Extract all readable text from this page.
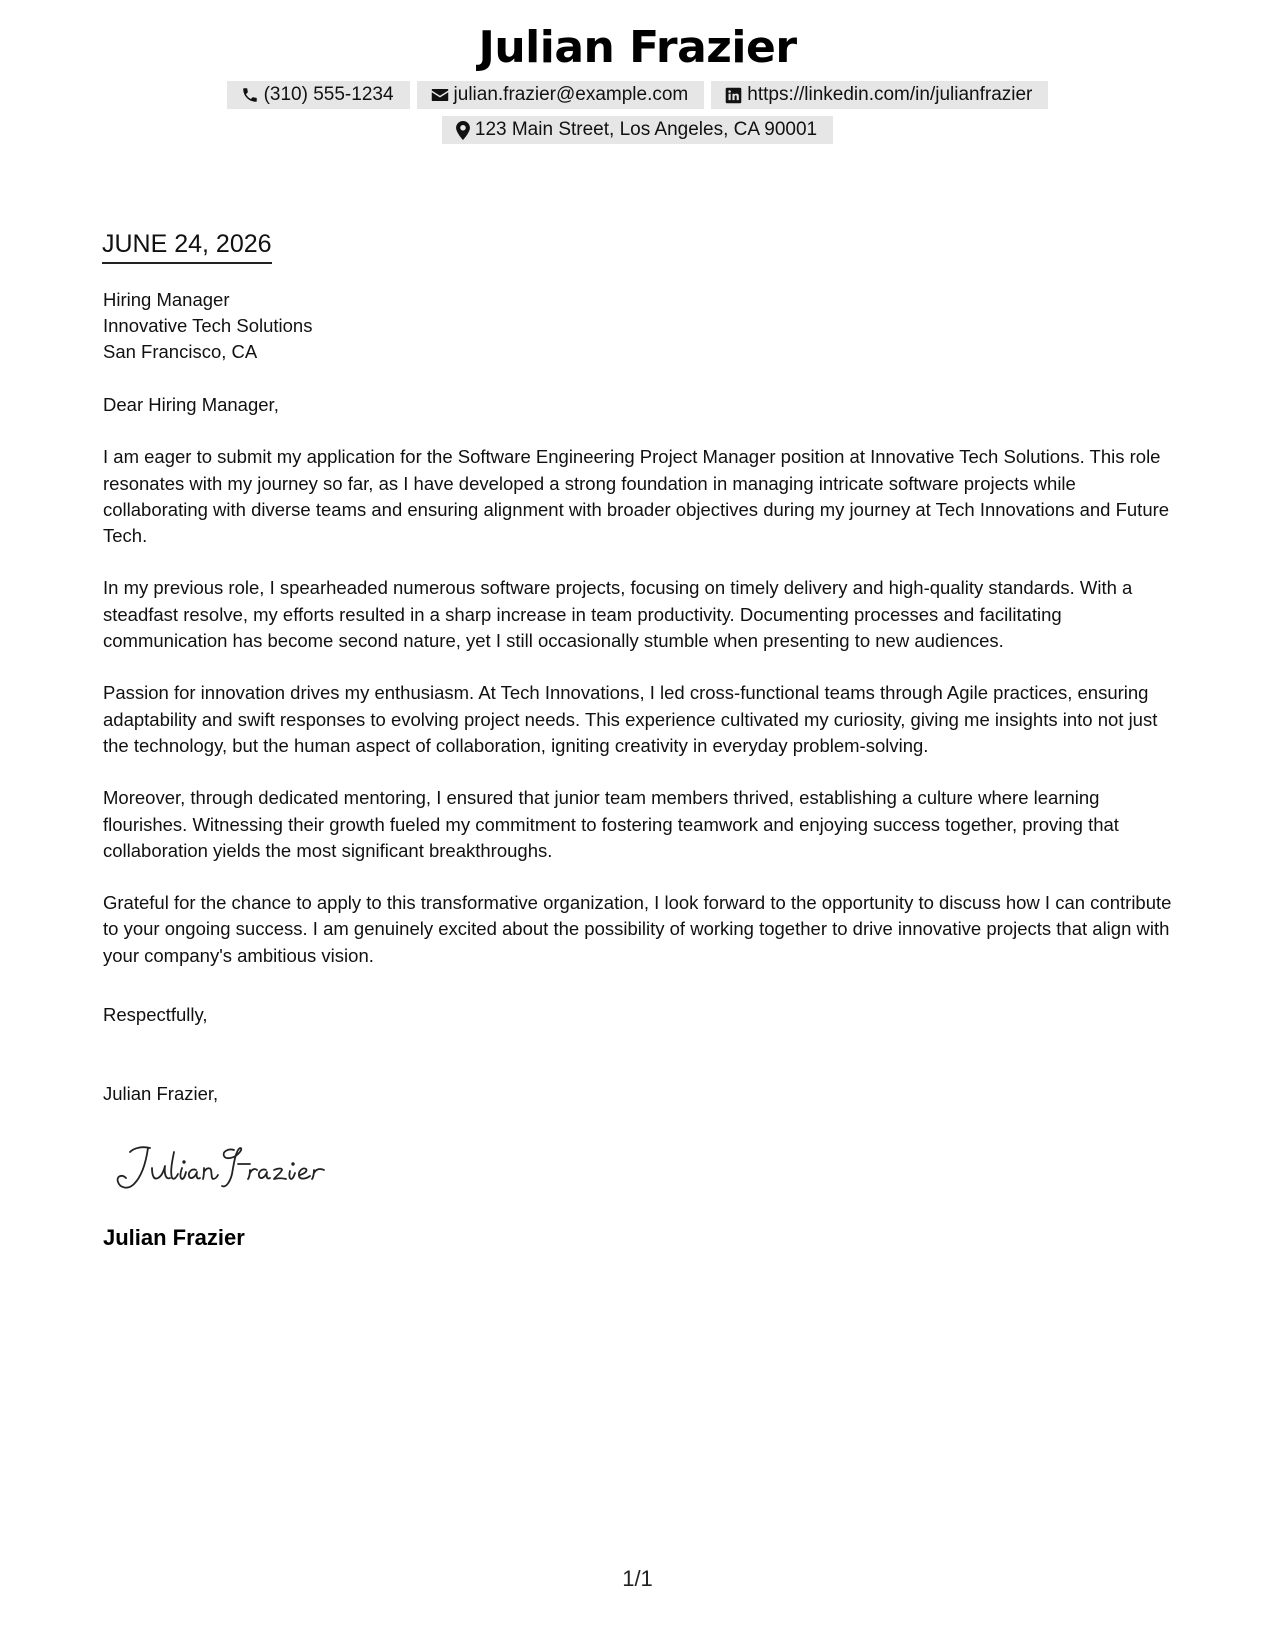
Julian Frazier
(310) 555-1234	julian.frazier@example.com	https://linkedin.com/in/julianfrazier
123 Main Street, Los Angeles, CA 90001
JUNE 24, 2026
Hiring Manager
Innovative Tech Solutions
San Francisco, CA

Dear Hiring Manager,

I am eager to submit my application for the Software Engineering Project Manager position at Innovative Tech Solutions. This role resonates with my journey so far, as I have developed a strong foundation in managing intricate software projects while collaborating with diverse teams and ensuring alignment with broader objectives during my journey at Tech Innovations and Future Tech.

In my previous role, I spearheaded numerous software projects, focusing on timely delivery and high-quality standards. With a steadfast resolve, my efforts resulted in a sharp increase in team productivity. Documenting processes and facilitating communication has become second nature, yet I still occasionally stumble when presenting to new audiences.

Passion for innovation drives my enthusiasm. At Tech Innovations, I led cross-functional teams through Agile practices, ensuring adaptability and swift responses to evolving project needs. This experience cultivated my curiosity, giving me insights into not just the technology, but the human aspect of collaboration, igniting creativity in everyday problem-solving.

Moreover, through dedicated mentoring, I ensured that junior team members thrived, establishing a culture where learning flourishes. Witnessing their growth fueled my commitment to fostering teamwork and enjoying success together, proving that collaboration yields the most significant breakthroughs.

Grateful for the chance to apply to this transformative organization, I look forward to the opportunity to discuss how I can contribute to your ongoing success. I am genuinely excited about the possibility of working together to drive innovative projects that align with your company's ambitious vision.

Respectfully,
Julian Frazier,
Julian Frazier
1/1
